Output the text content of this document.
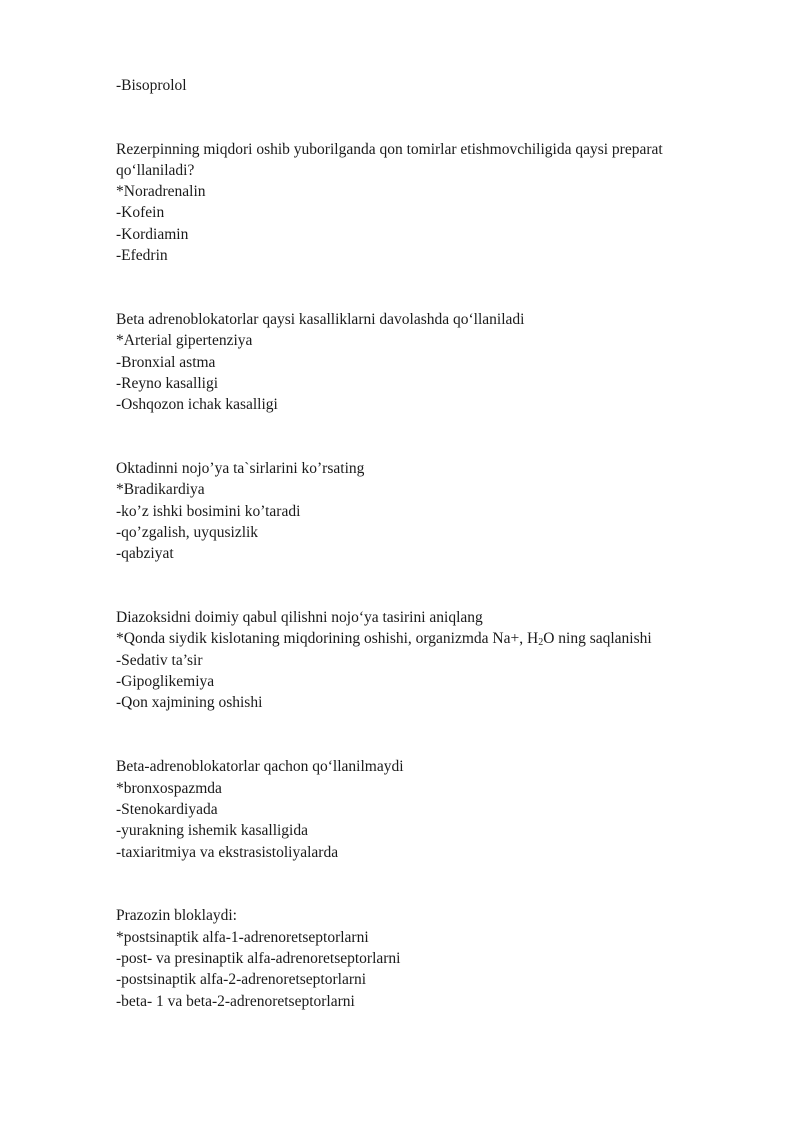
-Bisoprolol
Rezerpinning miqdori oshib yuborilganda qon tomirlar etishmovchiligida qaysi preparat
qo‘llaniladi?
*Noradrenalin
-Kofein
-Kordiamin
-Efedrin
Beta adrenoblokatorlar qaysi kasalliklarni davolashda qo‘llaniladi
*Arterial gipertenziya
-Bronxial astma
-Reyno kasalligi
-Oshqozon ichak kasalligi
Oktadinni nojo’ya ta`sirlarini ko’rsating
*Bradikardiya
-ko’z ishki bosimini ko’taradi
-qo’zgalish, uyqusizlik
-qabziyat
Diazoksidni doimiy qabul qilishni nojo‘ya tasirini aniqlang
*Qonda siydik kislotaning miqdorining oshishi, organizmda Na+, $H_2O$ ning saqlanishi
-Sedativ ta’sir
-Gipoglikemiya
-Qon xajmining oshishi
Beta-adrenoblokatorlar qachon qo‘llanilmaydi
*bronxospazmda
-Stenokardiyada
-yurakning ishemik kasalligida
-taxiaritmiya va ekstrasistoliyalarda
Prazozin bloklaydi:
*postsinaptik alfa-1-adrenoretseptorlarni
-post- va presinaptik alfa-adrenoretseptorlarni
-postsinaptik alfa-2-adrenoretseptorlarni
-beta- 1 va beta-2-adrenoretseptorlarni
